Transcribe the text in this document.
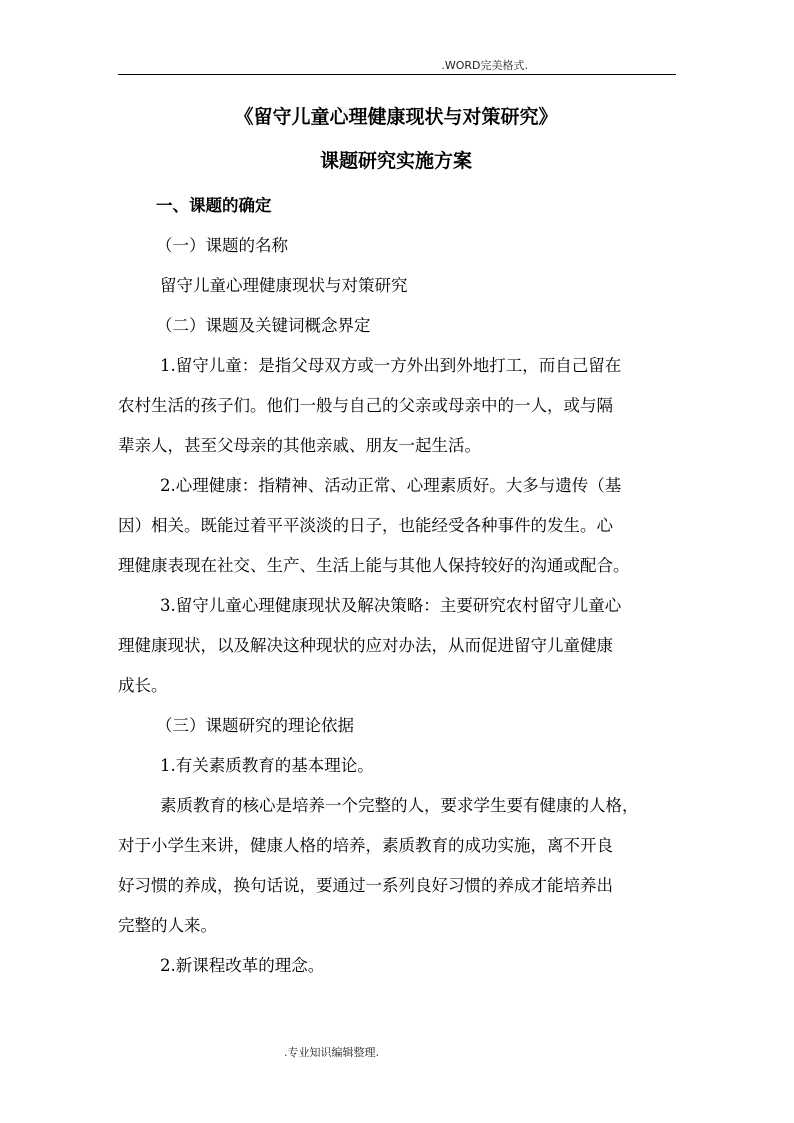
.WORD完美格式.

《留守儿童心理健康现状与对策研究》

课题研究实施方案

一、课题的确定

（一）课题的名称

留守儿童心理健康现状与对策研究

（二）课题及关键词概念界定

1.留守儿童：是指父母双方或一方外出到外地打工，而自己留在

农村生活的孩子们。他们一般与自己的父亲或母亲中的一人，或与隔

辈亲人，甚至父母亲的其他亲戚、朋友一起生活。

2.心理健康：指精神、活动正常、心理素质好。大多与遗传（基

因）相关。既能过着平平淡淡的日子，也能经受各种事件的发生。心

理健康表现在社交、生产、生活上能与其他人保持较好的沟通或配合。

3.留守儿童心理健康现状及解决策略：主要研究农村留守儿童心

理健康现状，以及解决这种现状的应对办法，从而促进留守儿童健康

成长。

（三）课题研究的理论依据

1.有关素质教育的基本理论。

素质教育的核心是培养一个完整的人，要求学生要有健康的人格，

对于小学生来讲，健康人格的培养，素质教育的成功实施，离不开良

好习惯的养成，换句话说，要通过一系列良好习惯的养成才能培养出

完整的人来。

2.新课程改革的理念。

.专业知识编辑整理.
